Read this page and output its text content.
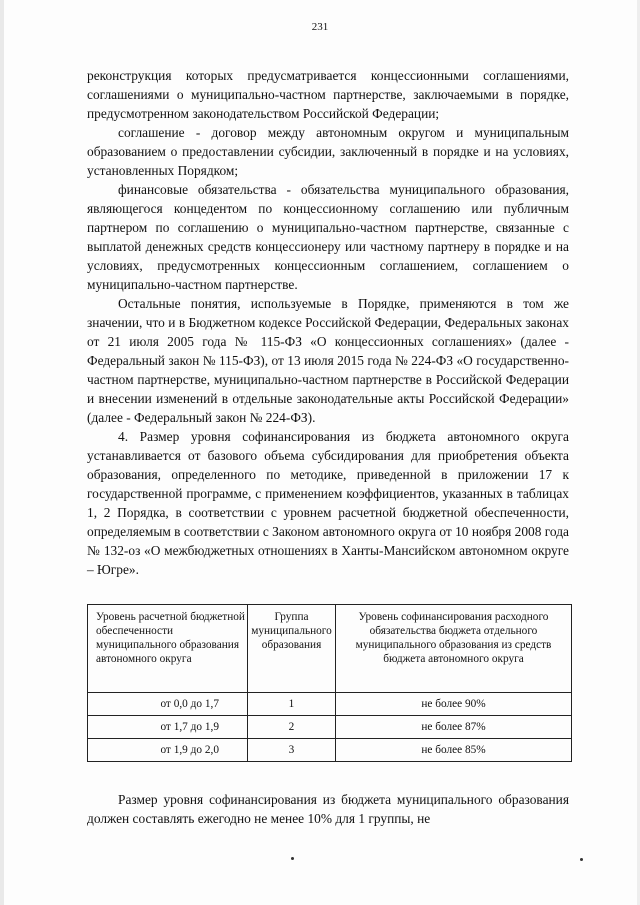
231

реконструкция которых предусматривается концессионными соглашениями, соглашениями о муниципально-частном партнерстве, заключаемыми в порядке, предусмотренном законодательством Российской Федерации;

соглашение - договор между автономным округом и муниципальным образованием о предоставлении субсидии, заключенный в порядке и на условиях, установленных Порядком;

финансовые обязательства - обязательства муниципального образования, являющегося концедентом по концессионному соглашению или публичным партнером по соглашению о муниципально-частном партнерстве, связанные с выплатой денежных средств концессионеру или частному партнеру в порядке и на условиях, предусмотренных концессионным соглашением, соглашением о муниципально-частном партнерстве.

Остальные понятия, используемые в Порядке, применяются в том же значении, что и в Бюджетном кодексе Российской Федерации, Федеральных законах от 21 июля 2005 года № 115-ФЗ «О концессионных соглашениях» (далее - Федеральный закон № 115-ФЗ), от 13 июля 2015 года № 224-ФЗ «О государственно-частном партнерстве, муниципально-частном партнерстве в Российской Федерации и внесении изменений в отдельные законодательные акты Российской Федерации» (далее - Федеральный закон № 224-ФЗ).

4. Размер уровня софинансирования из бюджета автономного округа устанавливается от базового объема субсидирования для приобретения объекта образования, определенного по методике, приведенной в приложении 17 к государственной программе, с применением коэффициентов, указанных в таблицах 1, 2 Порядка, в соответствии с уровнем расчетной бюджетной обеспеченности, определяемым в соответствии с Законом автономного округа от 10 ноября 2008 года № 132-оз «О межбюджетных отношениях в Ханты-Мансийском автономном округе – Югре».

Уровень расчетной бюджетной обеспеченности муниципального образования автономного округа	Группа муниципального образования	Уровень софинансирования расходного обязательства бюджета отдельного муниципального образования из средств бюджета автономного округа
от 0,0 до 1,7	1	не более 90%
от 1,7 до 1,9	2	не более 87%
от 1,9 до 2,0	3	не более 85%

Размер уровня софинансирования из бюджета муниципального образования должен составлять ежегодно не менее 10% для 1 группы, не
